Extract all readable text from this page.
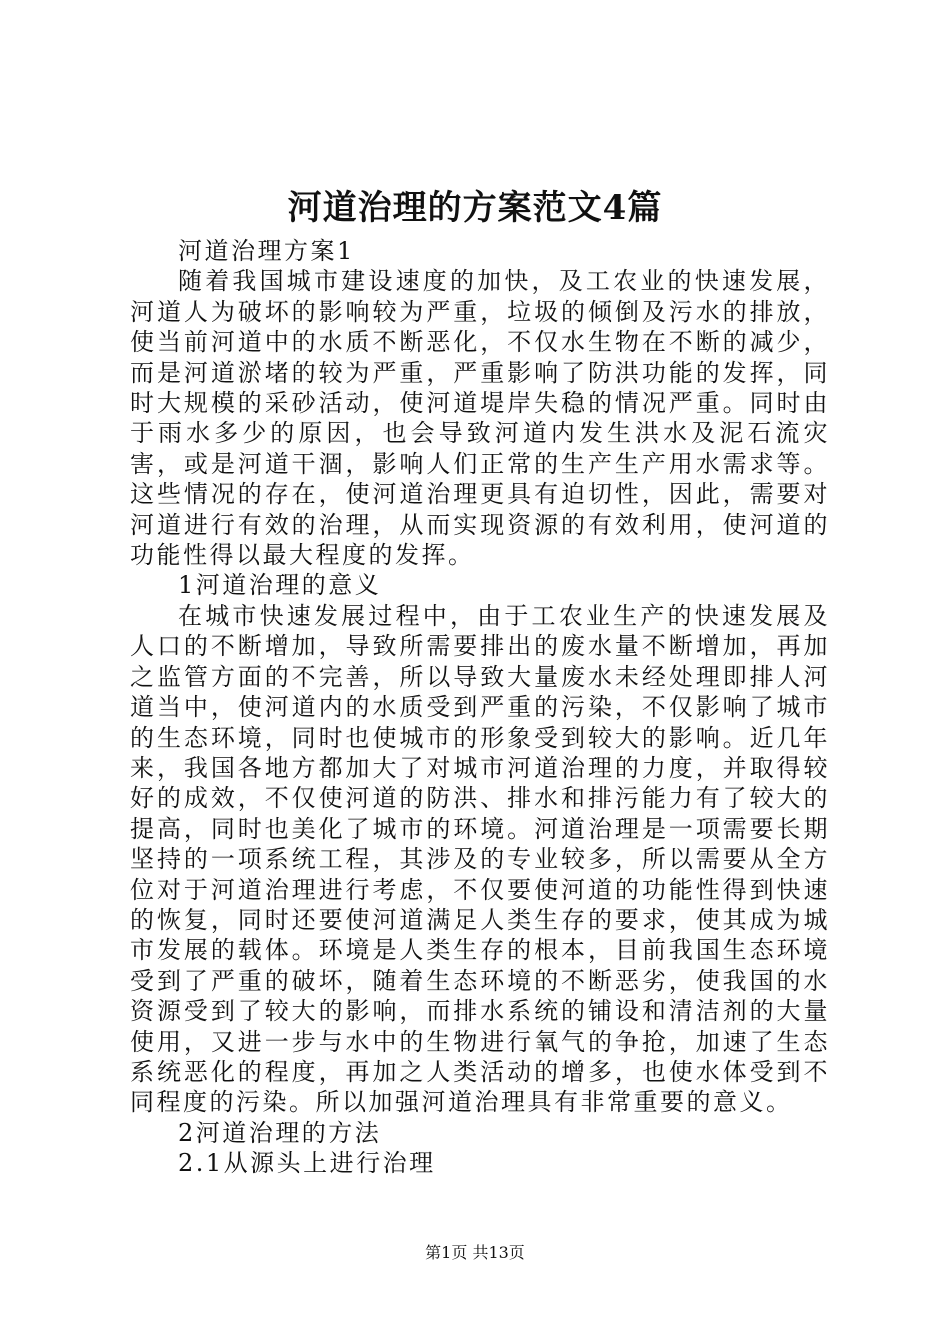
河道治理的方案范文4篇

河道治理方案1

随着我国城市建设速度的加快，及工农业的快速发展，河道人为破坏的影响较为严重，垃圾的倾倒及污水的排放，使当前河道中的水质不断恶化，不仅水生物在不断的减少，而是河道淤堵的较为严重，严重影响了防洪功能的发挥，同时大规模的采砂活动，使河道堤岸失稳的情况严重。同时由于雨水多少的原因，也会导致河道内发生洪水及泥石流灾害，或是河道干涸，影响人们正常的生产生产用水需求等。这些情况的存在，使河道治理更具有迫切性，因此，需要对河道进行有效的治理，从而实现资源的有效利用，使河道的功能性得以最大程度的发挥。

1河道治理的意义

在城市快速发展过程中，由于工农业生产的快速发展及人口的不断增加，导致所需要排出的废水量不断增加，再加之监管方面的不完善，所以导致大量废水未经处理即排人河道当中，使河道内的水质受到严重的污染，不仅影响了城市的生态环境，同时也使城市的形象受到较大的影响。近几年来，我国各地方都加大了对城市河道治理的力度，并取得较好的成效，不仅使河道的防洪、排水和排污能力有了较大的提高，同时也美化了城市的环境。河道治理是一项需要长期坚持的一项系统工程，其涉及的专业较多，所以需要从全方位对于河道治理进行考虑，不仅要使河道的功能性得到快速的恢复，同时还要使河道满足人类生存的要求，使其成为城市发展的载体。环境是人类生存的根本，目前我国生态环境受到了严重的破坏，随着生态环境的不断恶劣，使我国的水资源受到了较大的影响，而排水系统的铺设和清洁剂的大量使用，又进一步与水中的生物进行氧气的争抢，加速了生态系统恶化的程度，再加之人类活动的增多，也使水体受到不同程度的污染。所以加强河道治理具有非常重要的意义。

2河道治理的方法

2.1从源头上进行治理

第1页 共13页
